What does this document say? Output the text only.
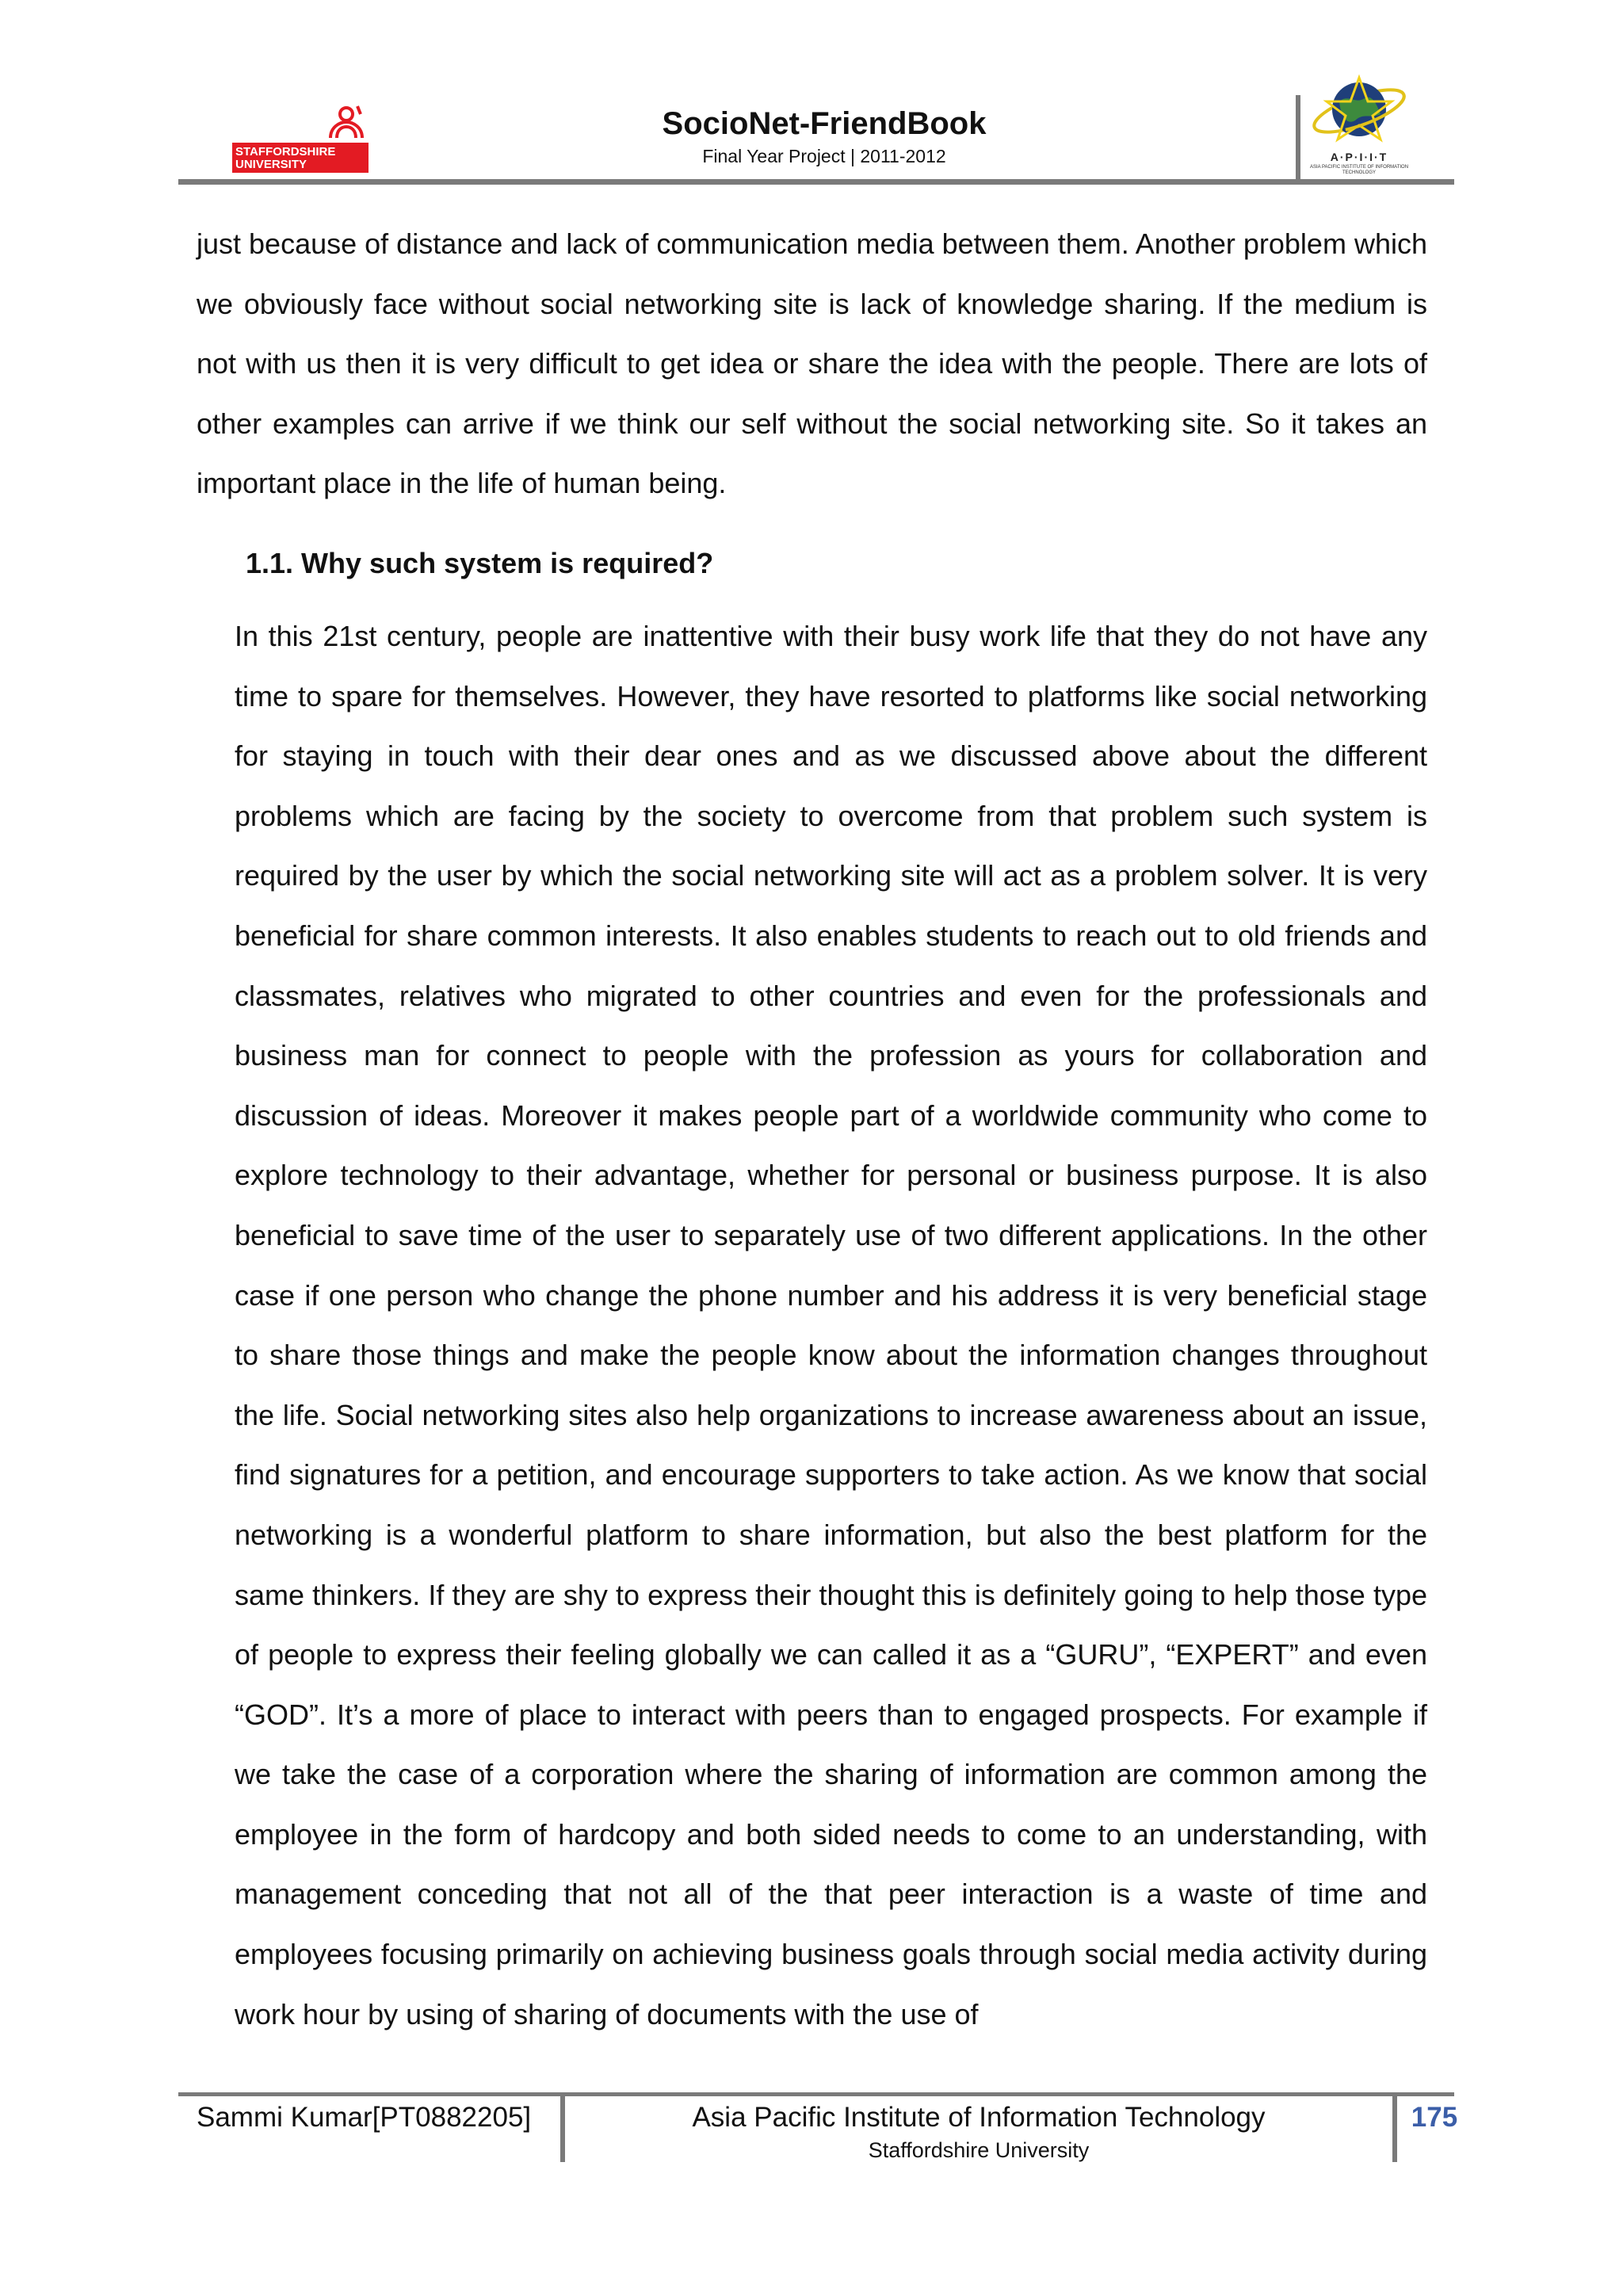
STAFFORDSHIRE
UNIVERSITY
SocioNet-FriendBook
Final Year Project | 2011-2012	A·P·I·I·T
ASIA PACIFIC INSTITUTE OF INFORMATION TECHNOLOGY
just because of distance and lack of communication media between them. Another problem which we obviously face without social networking site is lack of knowledge sharing. If the medium is not with us then it is very difficult to get idea or share the idea with the people. There are lots of other examples can arrive if we think our self without the social networking site. So it takes an important place in the life of human being.
1.1. Why such system is required?
In this 21st century, people are inattentive with their busy work life that they do not have any time to spare for themselves. However, they have resorted to platforms like social networking for staying in touch with their dear ones and as we discussed above about the different problems which are facing by the society to overcome from that problem such system is required by the user by which the social networking site will act as a problem solver. It is very beneficial for share common interests. It also enables students to reach out to old friends and classmates, relatives who migrated to other countries and even for the professionals and business man for connect to people with the profession as yours for collaboration and discussion of ideas. Moreover it makes people part of a worldwide community who come to explore technology to their advantage, whether for personal or business purpose. It is also beneficial to save time of the user to separately use of two different applications. In the other case if one person who change the phone number and his address it is very beneficial stage to share those things and make the people know about the information changes throughout the life. Social networking sites also help organizations to increase awareness about an issue, find signatures for a petition, and encourage supporters to take action. As we know that social networking is a wonderful platform to share information, but also the best platform for the same thinkers. If they are shy to express their thought this is definitely going to help those type of people to express their feeling globally we can called it as a “GURU”, “EXPERT” and even “GOD”. It’s a more of place to interact with peers than to engaged prospects. For example if we take the case of a corporation where the sharing of information are common among the employee in the form of hardcopy and both sided needs to come to an understanding, with management conceding that not all of the that peer interaction is a waste of time and employees focusing primarily on achieving business goals through social media activity during work hour by using of sharing of documents with the use of
Sammi Kumar[PT0882205]	Asia Pacific Institute of Information Technology
Staffordshire University
175
